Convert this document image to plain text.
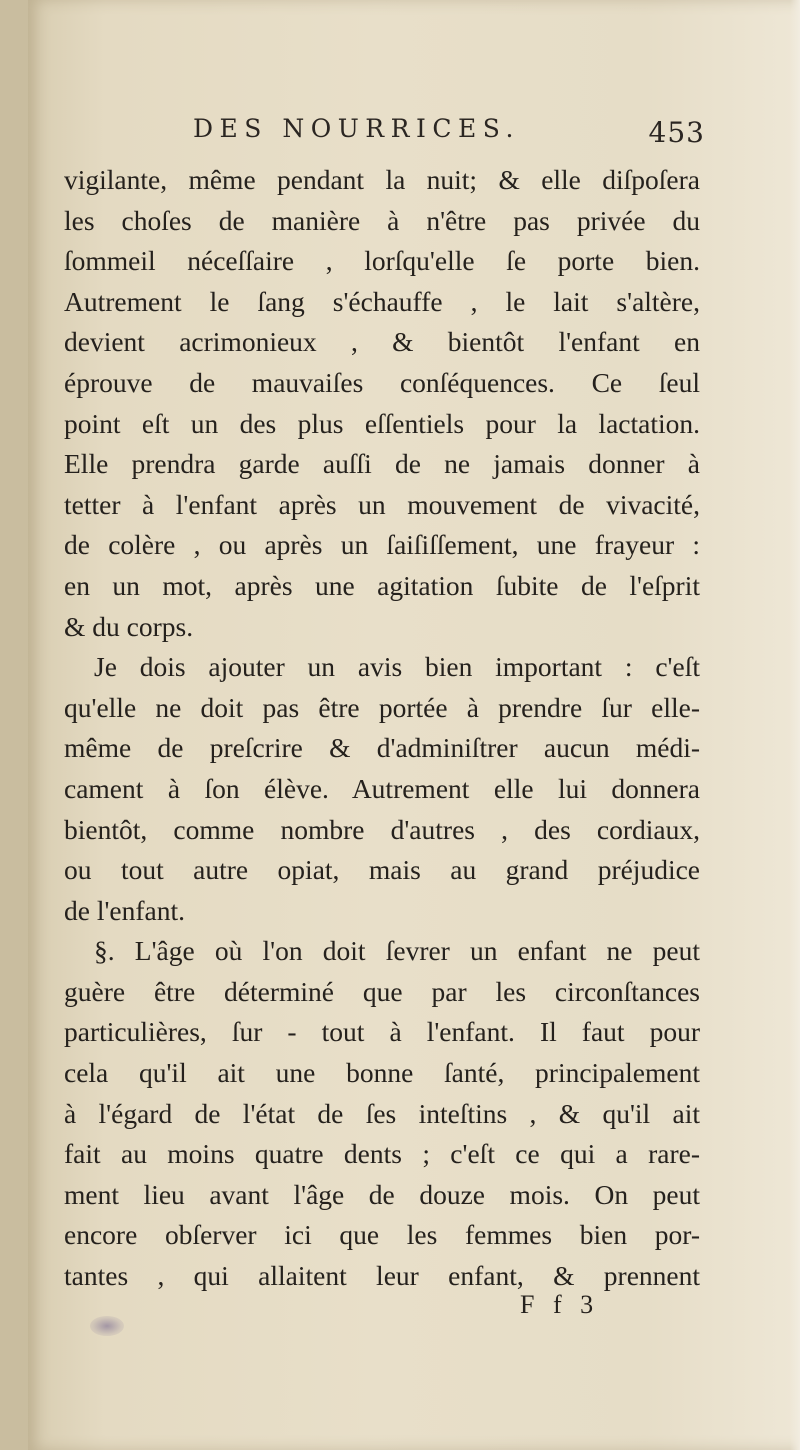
DES NOURRICES.	453
vigilante, même pendant la nuit; & elle diſpoſera
les choſes de manière à n'être pas privée du
ſommeil néceſſaire , lorſqu'elle ſe porte bien.
Autrement le ſang s'échauffe , le lait s'altère,
devient acrimonieux , & bientôt l'enfant en
éprouve de mauvaiſes conſéquences. Ce ſeul
point eſt un des plus eſſentiels pour la lactation.
Elle prendra garde auſſi de ne jamais donner à
tetter à l'enfant après un mouvement de vivacité,
de colère , ou après un ſaiſiſſement, une frayeur :
en un mot, après une agitation ſubite de l'eſprit
& du corps.
Je dois ajouter un avis bien important : c'eſt
qu'elle ne doit pas être portée à prendre ſur elle-
même de preſcrire & d'adminiſtrer aucun médi-
cament à ſon élève. Autrement elle lui donnera
bientôt, comme nombre d'autres , des cordiaux,
ou tout autre opiat, mais au grand préjudice
de l'enfant.
§. L'âge où l'on doit ſevrer un enfant ne peut
guère être déterminé que par les circonſtances
particulières, ſur - tout à l'enfant. Il faut pour
cela qu'il ait une bonne ſanté, principalement
à l'égard de l'état de ſes inteſtins , & qu'il ait
fait au moins quatre dents ; c'eſt ce qui a rare-
ment lieu avant l'âge de douze mois. On peut
encore obſerver ici que les femmes bien por-
tantes , qui allaitent leur enfant, & prennent
F f 3
